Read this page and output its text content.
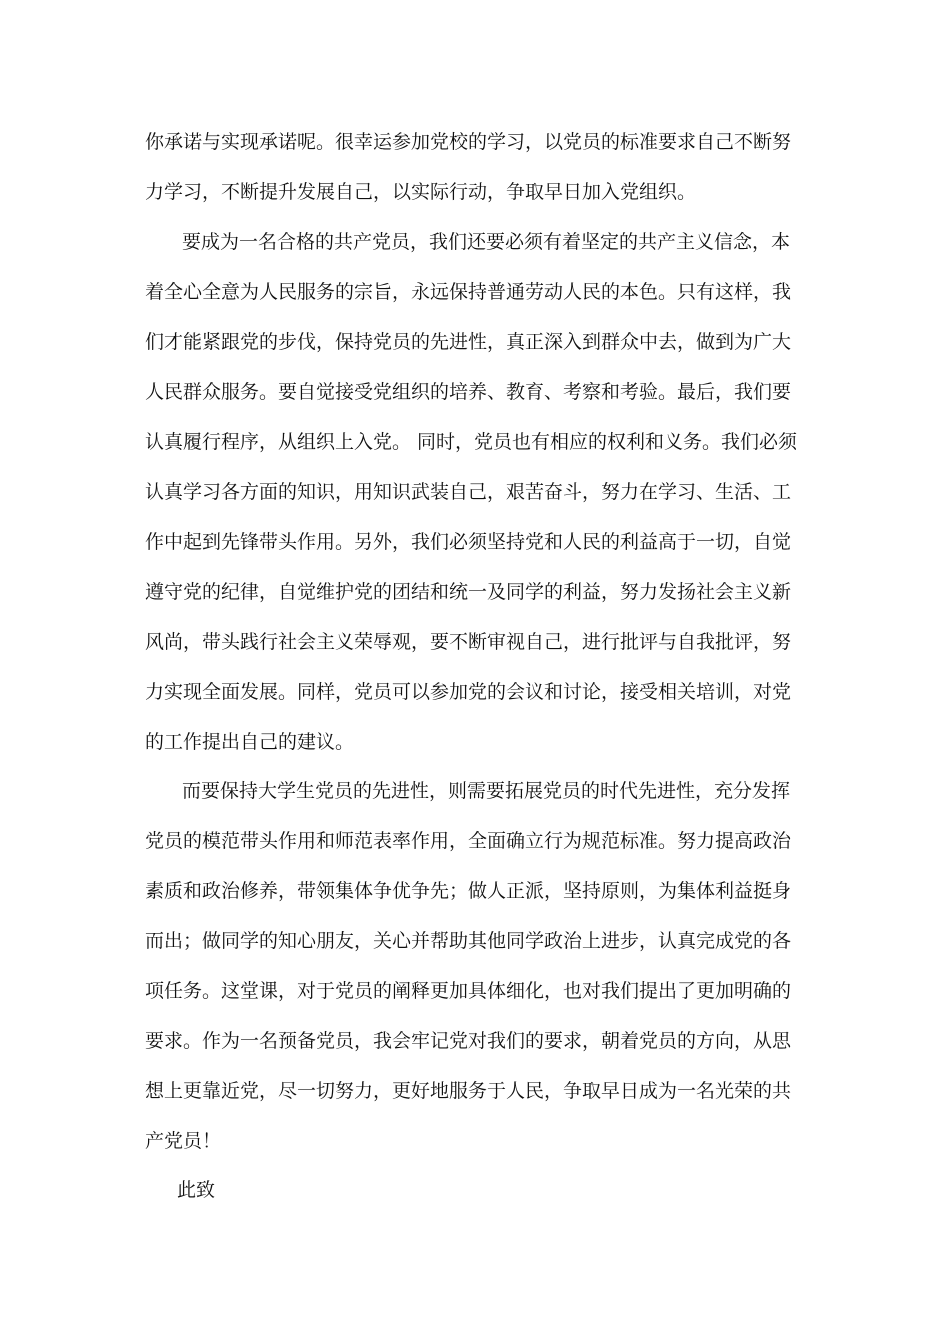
你承诺与实现承诺呢。很幸运参加党校的学习，以党员的标准要求自己不断努
力学习，不断提升发展自己，以实际行动，争取早日加入党组织。
要成为一名合格的共产党员，我们还要必须有着坚定的共产主义信念，本
着全心全意为人民服务的宗旨，永远保持普通劳动人民的本色。只有这样，我
们才能紧跟党的步伐，保持党员的先进性，真正深入到群众中去，做到为广大
人民群众服务。要自觉接受党组织的培养、教育、考察和考验。最后，我们要
认真履行程序，从组织上入党。 同时，党员也有相应的权利和义务。我们必须
认真学习各方面的知识，用知识武装自己，艰苦奋斗，努力在学习、生活、工
作中起到先锋带头作用。另外，我们必须坚持党和人民的利益高于一切，自觉
遵守党的纪律，自觉维护党的团结和统一及同学的利益，努力发扬社会主义新
风尚，带头践行社会主义荣辱观，要不断审视自己，进行批评与自我批评，努
力实现全面发展。同样，党员可以参加党的会议和讨论，接受相关培训，对党
的工作提出自己的建议。
而要保持大学生党员的先进性，则需要拓展党员的时代先进性，充分发挥
党员的模范带头作用和师范表率作用，全面确立行为规范标准。努力提高政治
素质和政治修养，带领集体争优争先；做人正派，坚持原则，为集体利益挺身
而出；做同学的知心朋友，关心并帮助其他同学政治上进步，认真完成党的各
项任务。这堂课，对于党员的阐释更加具体细化，也对我们提出了更加明确的
要求。作为一名预备党员，我会牢记党对我们的要求，朝着党员的方向，从思
想上更靠近党，尽一切努力，更好地服务于人民，争取早日成为一名光荣的共
产党员！
此致
